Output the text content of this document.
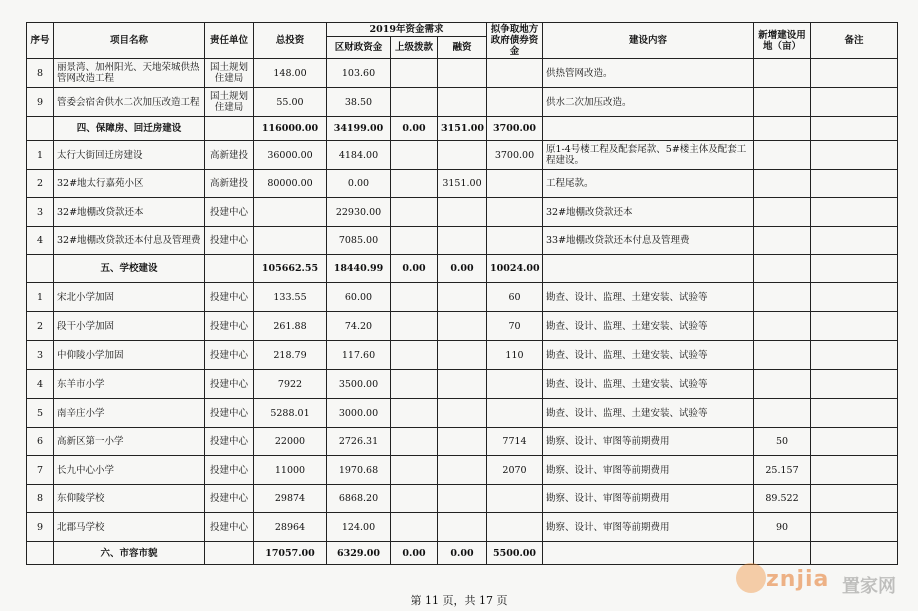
序号	项目名称	责任单位	总投资	2019年资金需求			拟争取地方政府债券资金	建设内容	新增建设用地（亩）	备注
				区财政资金	上级拨款	融资				
8	丽景湾、加州阳光、天地荣城供热管网改造工程	国土规划住建局	148.00	103.60				供热管网改造。		
9	管委会宿舍供水二次加压改造工程	国土规划住建局	55.00	38.50				供水二次加压改造。		
	四、保障房、回迁房建设		116000.00	34199.00	0.00	3151.00	3700.00			
1	太行大街回迁房建设	高新建投	36000.00	4184.00			3700.00	原1-4号楼工程及配套尾款、5#楼主体及配套工程建设。		
2	32#地太行嘉苑小区	高新建投	80000.00	0.00		3151.00		工程尾款。		
3	32#地棚改贷款还本	投建中心		22930.00				32#地棚改贷款还本		
4	32#地棚改贷款还本付息及管理费	投建中心		7085.00				33#地棚改贷款还本付息及管理费		
	五、学校建设		105662.55	18440.99	0.00	0.00	10024.00			
1	宋北小学加固	投建中心	133.55	60.00			60	勘查、设计、监理、土建安装、试验等		
2	段干小学加固	投建中心	261.88	74.20			70	勘查、设计、监理、土建安装、试验等		
3	中仰陵小学加固	投建中心	218.79	117.60			110	勘查、设计、监理、土建安装、试验等		
4	东羊市小学	投建中心	7922	3500.00				勘查、设计、监理、土建安装、试验等		
5	南辛庄小学	投建中心	5288.01	3000.00				勘查、设计、监理、土建安装、试验等		
6	高新区第一小学	投建中心	22000	2726.31			7714	勘察、设计、审图等前期费用	50	
7	长九中心小学	投建中心	11000	1970.68			2070	勘察、设计、审图等前期费用	25.157	
8	东仰陵学校	投建中心	29874	6868.20				勘察、设计、审图等前期费用	89.522	
9	北郡马学校	投建中心	28964	124.00				勘察、设计、审图等前期费用	90	
	六、市容市貌		17057.00	6329.00	0.00	0.00	5500.00			
第 11 页，共 17 页
znjia 置家网
